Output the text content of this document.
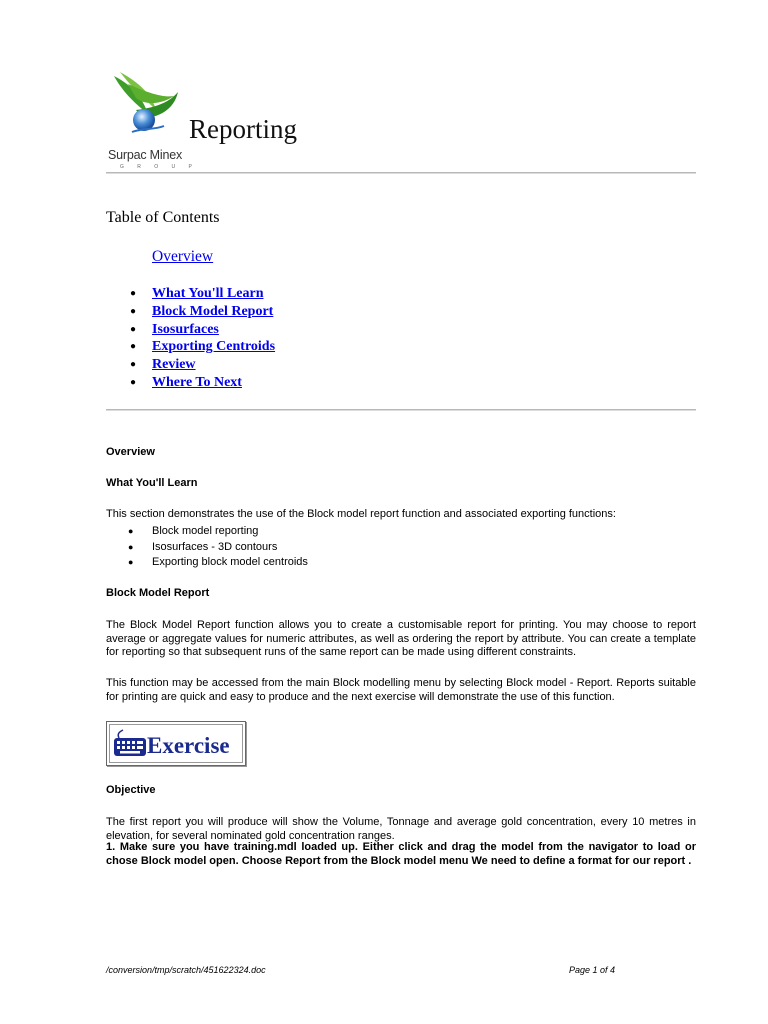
Surpac Minex
G R O U P
Reporting
Table of Contents
Overview
● What You'll Learn
● Block Model Report
● Isosurfaces
● Exporting Centroids
● Review
● Where To Next
Overview
What You'll Learn
This section demonstrates the use of the Block model report function and associated exporting functions:
● Block model reporting
● Isosurfaces - 3D contours
● Exporting block model centroids
Block Model Report
The Block Model Report function allows you to create a customisable report for printing. You may choose to report average or aggregate values for numeric attributes, as well as ordering the report by attribute. You can create a template for reporting so that subsequent runs of the same report can be made using different constraints.
This function may be accessed from the main Block modelling menu by selecting Block model - Report. Reports suitable for printing are quick and easy to produce and the next exercise will demonstrate the use of this function.
Exercise
Objective
The first report you will produce will show the Volume, Tonnage and average gold concentration, every 10 metres in elevation, for several nominated gold concentration ranges.
1. Make sure you have training.mdl loaded up. Either click and drag the model from the navigator to load or chose Block model open. Choose Report from the Block model menu We need to define a format for our report .
/conversion/tmp/scratch/451622324.doc	Page 1 of 4
